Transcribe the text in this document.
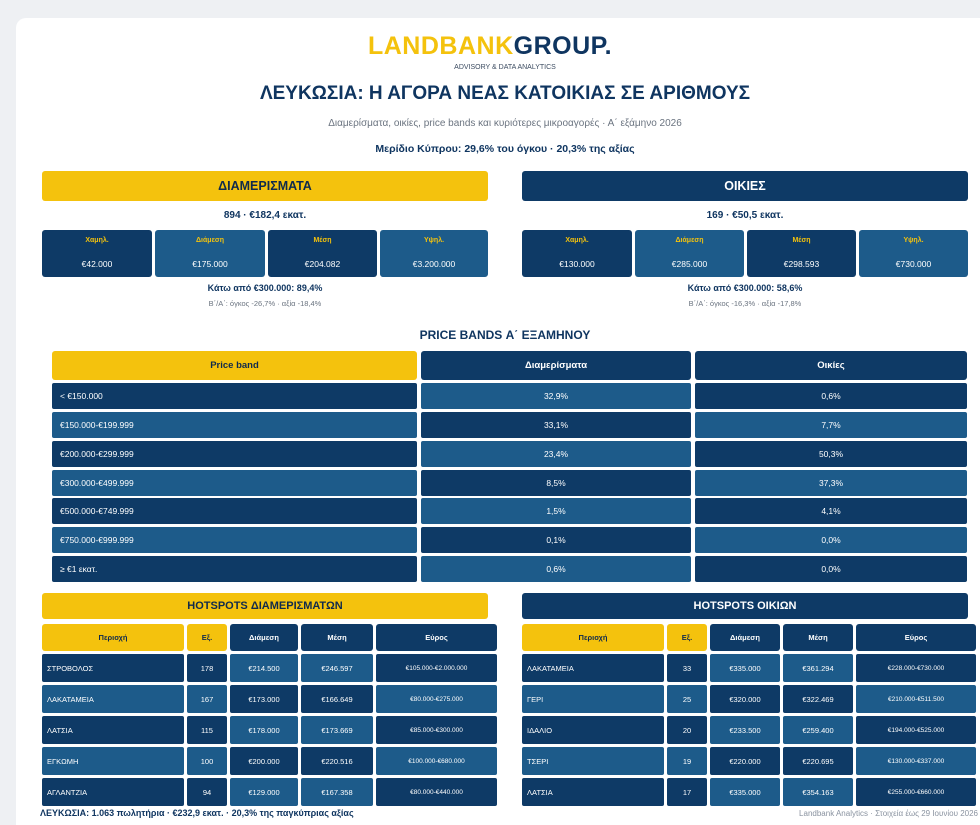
LANDBANKGROUP.
ADVISORY & DATA ANALYTICS
ΛΕΥΚΩΣΙΑ: Η ΑΓΟΡΑ ΝΕΑΣ ΚΑΤΟΙΚΙΑΣ ΣΕ ΑΡΙΘΜΟΥΣ
Διαμερίσματα, οικίες, price bands και κυριότερες μικροαγορές · Α΄ εξάμηνο 2026
Μερίδιο Κύπρου: 29,6% του όγκου · 20,3% της αξίας
ΔΙΑΜΕΡΙΣΜΑΤΑ
894 · €182,4 εκατ.
Χαμηλ.
€42.000
Διάμεση
€175.000
Μέση
€204.082
Υψηλ.
€3.200.000
Κάτω από €300.000: 89,4%
Β΄/Α΄: όγκος -26,7% · αξία -18,4%
ΟΙΚΙΕΣ
169 · €50,5 εκατ.
Χαμηλ.
€130.000
Διάμεση
€285.000
Μέση
€298.593
Υψηλ.
€730.000
Κάτω από €300.000: 58,6%
Β΄/Α΄: όγκος -16,3% · αξία -17,8%
PRICE BANDS Α΄ ΕΞΑΜΗΝΟΥ
Price band	Διαμερίσματα	Οικίες
< €150.000	32,9%	0,6%
€150.000-€199.999	33,1%	7,7%
€200.000-€299.999	23,4%	50,3%
€300.000-€499.999	8,5%	37,3%
€500.000-€749.999	1,5%	4,1%
€750.000-€999.999	0,1%	0,0%
≥ €1 εκατ.	0,6%	0,0%
HOTSPOTS ΔΙΑΜΕΡΙΣΜΑΤΩΝ
Περιοχή	Εξ.	Διάμεση	Μέση	Εύρος
ΣΤΡΟΒΟΛΟΣ	178	€214.500	€246.597	€105.000-€2.000.000
ΛΑΚΑΤΑΜΕΙΑ	167	€173.000	€166.649	€80.000-€275.000
ΛΑΤΣΙΑ	115	€178.000	€173.669	€85.000-€300.000
ΕΓΚΩΜΗ	100	€200.000	€220.516	€100.000-€680.000
ΑΓΛΑΝΤΖΙΑ	94	€129.000	€167.358	€80.000-€440.000
HOTSPOTS ΟΙΚΙΩΝ
Περιοχή	Εξ.	Διάμεση	Μέση	Εύρος
ΛΑΚΑΤΑΜΕΙΑ	33	€335.000	€361.294	€228.000-€730.000
ΓΕΡΙ	25	€320.000	€322.469	€210.000-€511.500
ΙΔΑΛΙΟ	20	€233.500	€259.400	€194.000-€525.000
ΤΣΕΡΙ	19	€220.000	€220.695	€130.000-€337.000
ΛΑΤΣΙΑ	17	€335.000	€354.163	€255.000-€660.000
ΛΕΥΚΩΣΙΑ: 1.063 πωλητήρια · €232,9 εκατ. · 20,3% της παγκύπριας αξίας	Landbank Analytics · Στοιχεία έως 29 Ιουνίου 2026
